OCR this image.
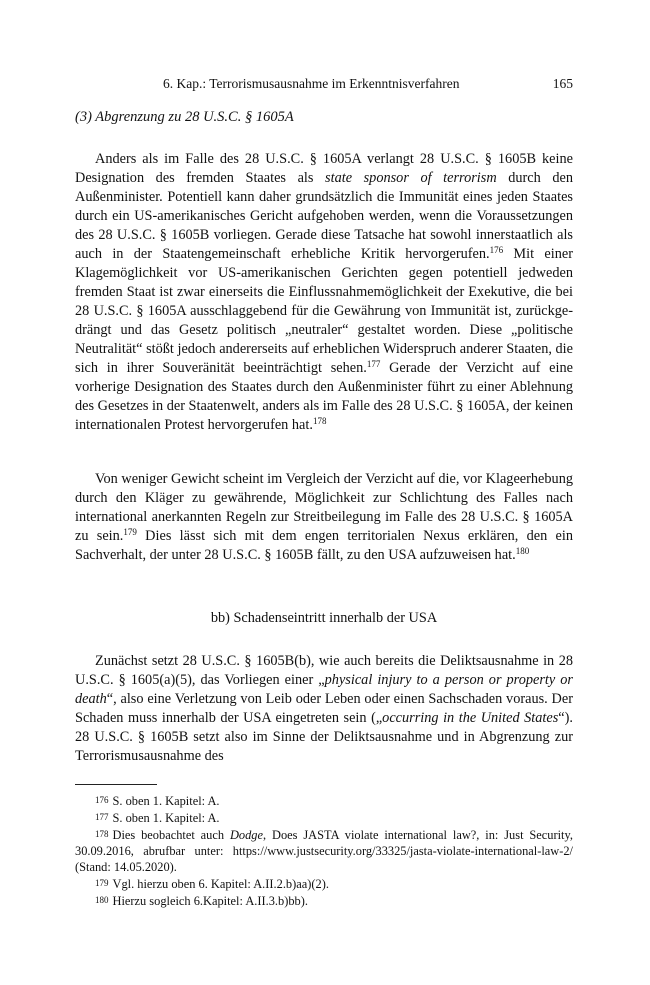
6. Kap.: Terrorismusausnahme im Erkenntnisverfahren	165
(3) Abgrenzung zu 28 U.S.C. § 1605A

Anders als im Falle des 28 U.S.C. § 1605A verlangt 28 U.S.C. § 1605B keine Designation des fremden Staates als state sponsor of terrorism durch den Außenminister. Potentiell kann daher grundsätzlich die Immunität eines jeden Staates durch ein US-amerikanisches Gericht aufgehoben werden, wenn die Voraussetzungen des 28 U.S.C. § 1605B vorliegen. Gerade diese Tatsache hat sowohl innerstaatlich als auch in der Staatengemeinschaft erhebliche Kritik hervorgerufen.$^{176}$ Mit einer Klagemöglichkeit vor US-amerikanischen Gerichten gegen potentiell jedweden fremden Staat ist zwar einerseits die Einflussnahmemöglichkeit der Exekutive, die bei 28 U.S.C. § 1605A ausschlaggebend für die Gewährung von Immunität ist, zurückgedrängt und das Gesetz politisch „neutraler“ gestaltet worden. Diese „politische Neutralität“ stößt jedoch andererseits auf erheblichen Widerspruch anderer Staaten, die sich in ihrer Souveränität beeinträchtigt sehen.$^{177}$ Gerade der Verzicht auf eine vorherige Designation des Staates durch den Außenminister führt zu einer Ablehnung des Gesetzes in der Staatenwelt, anders als im Falle des 28 U.S.C. § 1605A, der keinen internationalen Protest hervorgerufen hat.$^{178}$

Von weniger Gewicht scheint im Vergleich der Verzicht auf die, vor Klageerhebung durch den Kläger zu gewährende, Möglichkeit zur Schlichtung des Falles nach international anerkannten Regeln zur Streitbeilegung im Falle des 28 U.S.C. § 1605A zu sein.$^{179}$ Dies lässt sich mit dem engen territorialen Nexus erklären, den ein Sachverhalt, der unter 28 U.S.C. § 1605B fällt, zu den USA aufzuweisen hat.$^{180}$

bb) Schadenseintritt innerhalb der USA

Zunächst setzt 28 U.S.C. § 1605B(b), wie auch bereits die Deliktsausnahme in 28 U.S.C. § 1605(a)(5), das Vorliegen einer „physical injury to a person or property or death“, also eine Verletzung von Leib oder Leben oder einen Sachschaden voraus. Der Schaden muss innerhalb der USA eingetreten sein („occurring in the United States“). 28 U.S.C. § 1605B setzt also im Sinne der Deliktsausnahme und in Abgrenzung zur Terrorismusausnahme des

176 S. oben 1. Kapitel: A.

177 S. oben 1. Kapitel: A.

178 Dies beobachtet auch Dodge, Does JASTA violate international law?, in: Just Security, 30.09.2016, abrufbar unter: https://www.justsecurity.org/33325/jasta-violate-international-law-2/ (Stand: 14.05.2020).

179 Vgl. hierzu oben 6. Kapitel: A.II.2.b)aa)(2).

180 Hierzu sogleich 6.Kapitel: A.II.3.b)bb).
